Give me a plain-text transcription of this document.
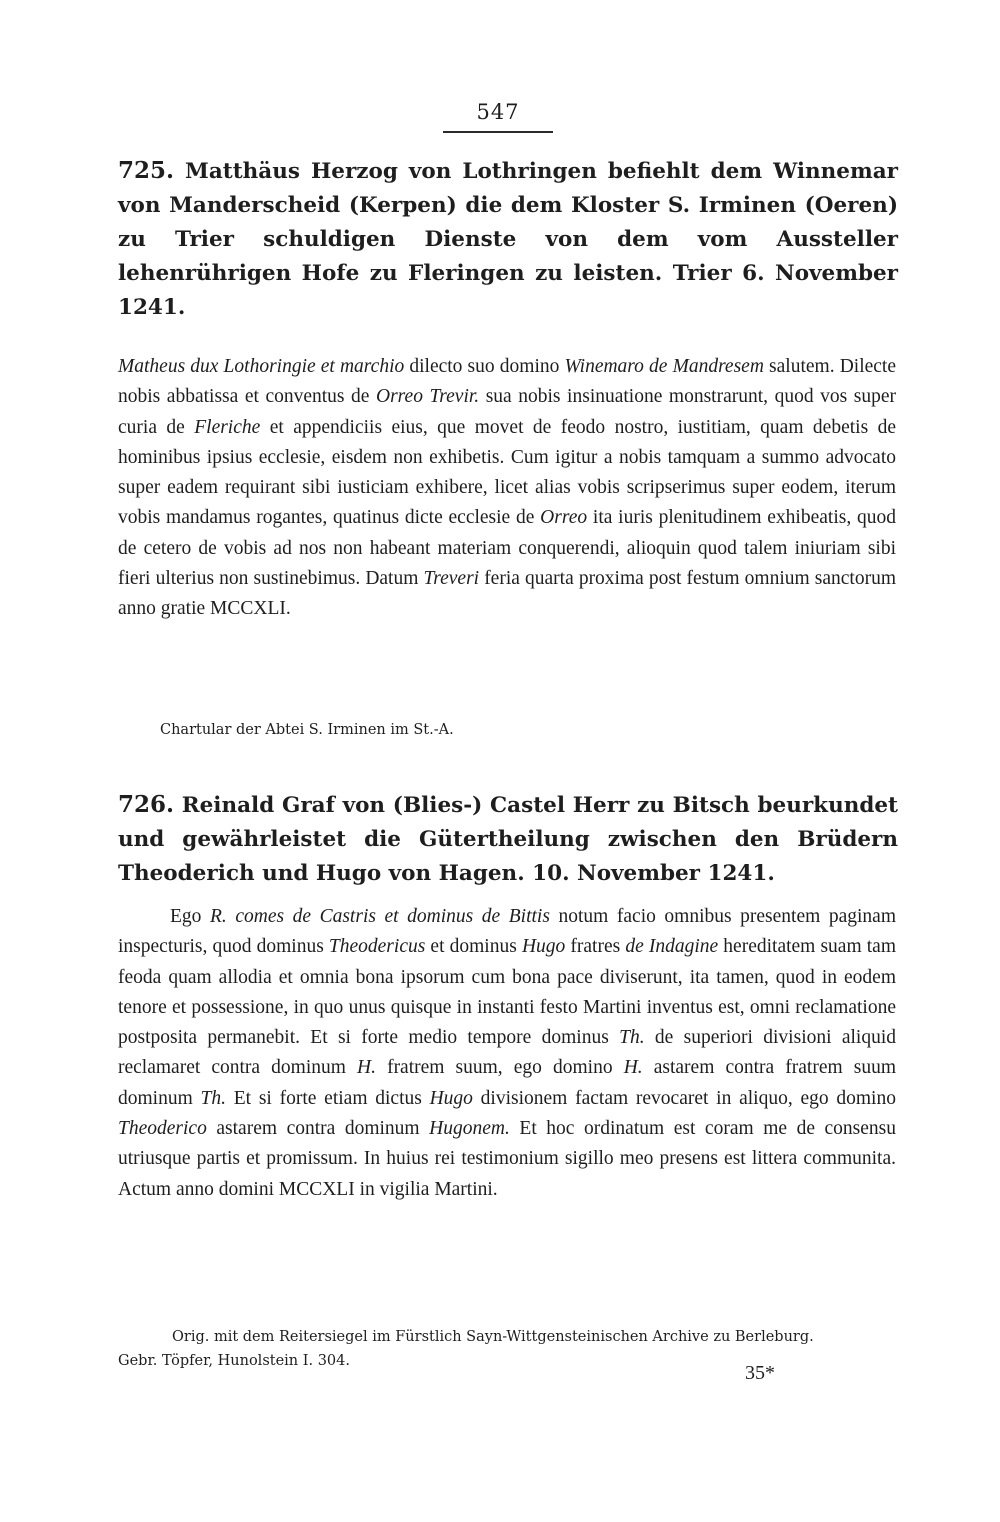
547
725. Matthäus Herzog von Lothringen befiehlt dem Winnemar von Manderscheid (Kerpen) die dem Kloster S. Irminen (Oeren) zu Trier schuldigen Dienste von dem vom Aussteller lehenrührigen Hofe zu Fleringen zu leisten. Trier 6. November 1241.
Matheus dux Lothoringie et marchio dilecto suo domino Winemaro de Mandresem salutem. Dilecte nobis abbatissa et conventus de Orreo Trevir. sua nobis insinuatione monstrarunt, quod vos super curia de Fleriche et appendiciis eius, que movet de feodo nostro, iustitiam, quam debetis de hominibus ipsius ecclesie, eisdem non exhibetis. Cum igitur a nobis tamquam a summo advocato super eadem requirant sibi iusticiam exhibere, licet alias vobis scripserimus super eodem, iterum vobis mandamus rogantes, quatinus dicte ecclesie de Orreo ita iuris plenitudinem exhibeatis, quod de cetero de vobis ad nos non habeant materiam conquerendi, alioquin quod talem iniuriam sibi fieri ulterius non sustinebimus. Datum Treveri feria quarta proxima post festum omnium sanctorum anno gratie MCCXLI.
Chartular der Abtei S. Irminen im St.-A.
726. Reinald Graf von (Blies-) Castel Herr zu Bitsch beurkundet und gewährleistet die Gütertheilung zwischen den Brüdern Theoderich und Hugo von Hagen. 10. November 1241.
Ego R. comes de Castris et dominus de Bittis notum facio omnibus presentem paginam inspecturis, quod dominus Theodericus et dominus Hugo fratres de Indagine hereditatem suam tam feoda quam allodia et omnia bona ipsorum cum bona pace diviserunt, ita tamen, quod in eodem tenore et possessione, in quo unus quisque in instanti festo Martini inventus est, omni reclamatione postposita permanebit. Et si forte medio tempore dominus Th. de superiori divisioni aliquid reclamaret contra dominum H. fratrem suum, ego domino H. astarem contra fratrem suum dominum Th. Et si forte etiam dictus Hugo divisionem factam revocaret in aliquo, ego domino Theoderico astarem contra dominum Hugonem. Et hoc ordinatum est coram me de consensu utriusque partis et promissum. In huius rei testimonium sigillo meo presens est littera communita. Actum anno domini MCCXLI in vigilia Martini.
Orig. mit dem Reitersiegel im Fürstlich Sayn-Wittgensteinischen Archive zu Berleburg.
Gebr. Töpfer, Hunolstein I. 304.
35*
